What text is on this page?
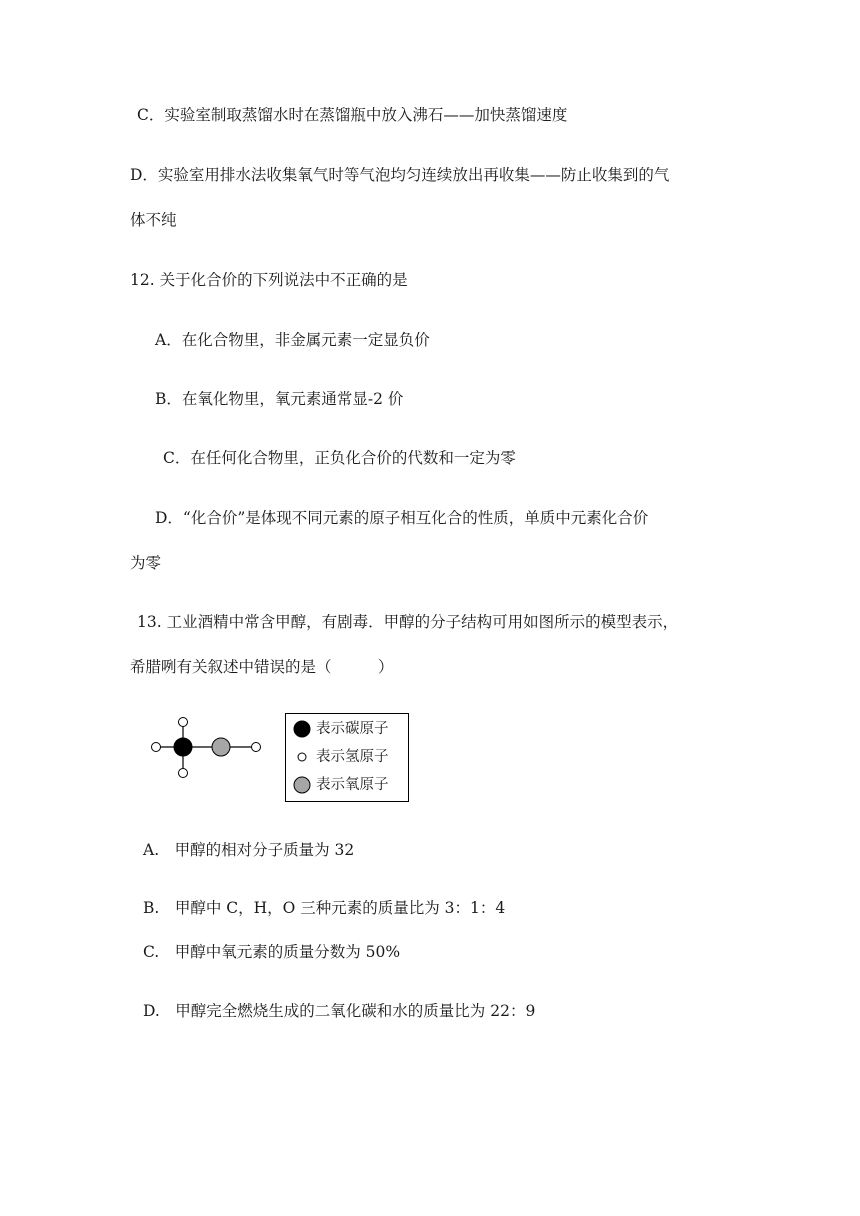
C．实验室制取蒸馏水时在蒸馏瓶中放入沸石——加快蒸馏速度
D．实验室用排水法收集氧气时等气泡均匀连续放出再收集——防止收集到的气
体不纯
12. 关于化合价的下列说法中不正确的是
A．在化合物里，非金属元素一定显负价
B．在氧化物里，氧元素通常显-2 价
C．在任何化合物里，正负化合价的代数和一定为零
D．“化合价”是体现不同元素的原子相互化合的性质，单质中元素化合价
为零
13. 工业酒精中常含甲醇，有剧毒．甲醇的分子结构可用如图所示的模型表示，
希腊咧有关叙述中错误的是（　　　）
表示碳原子
表示氢原子
表示氧原子
A.　甲醇的相对分子质量为 32
B.　甲醇中 C，H，O 三种元素的质量比为 3：1：4
C.　甲醇中氧元素的质量分数为 50%
D.　甲醇完全燃烧生成的二氧化碳和水的质量比为 22：9
